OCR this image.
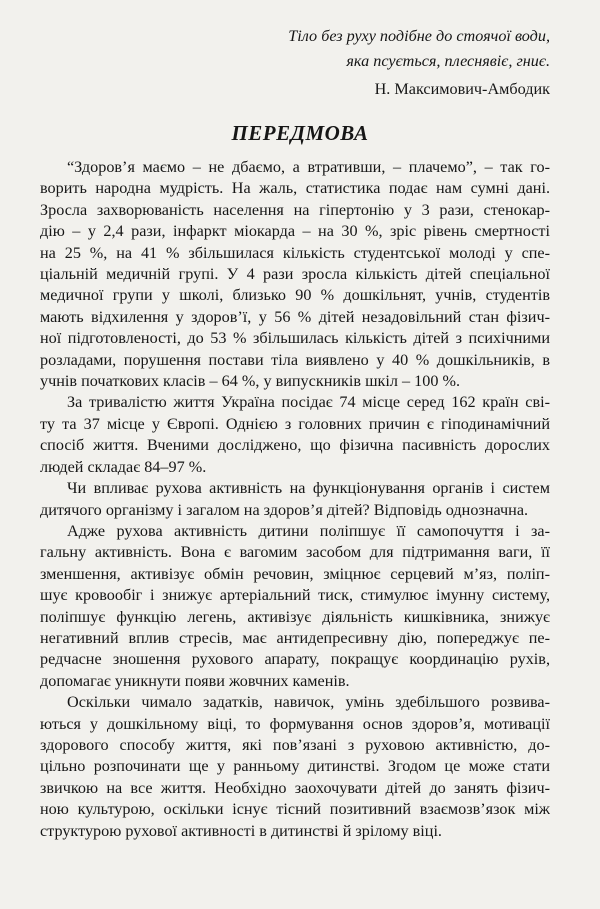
Тіло без руху подібне до стоячої води,
яка псується, плеснявіє, гниє.
Н. Максимович-Амбодик
ПЕРЕДМОВА
“Здоров’я маємо – не дбаємо, а втративши, – плачемо”, – так го-
ворить народна мудрість. На жаль, статистика подає нам сумні дані.
Зросла захворюваність населення на гіпертонію у 3 рази, стенокар-
дію – у 2,4 рази, інфаркт міокарда – на 30 %, зріс рівень смертності
на 25 %, на 41 % збільшилася кількість студентської молоді у спе-
ціальній медичній групі. У 4 рази зросла кількість дітей спеціальної
медичної групи у школі, близько 90 % дошкільнят, учнів, студентів
мають відхилення у здоров’ї, у 56 % дітей незадовільний стан фізич-
ної підготовленості, до 53 % збільшилась кількість дітей з психічними
розладами, порушення постави тіла виявлено у 40 % дошкільників, в
учнів початкових класів – 64 %, у випускників шкіл – 100 %.
За тривалістю життя Україна посідає 74 місце серед 162 країн сві-
ту та 37 місце у Європі. Однією з головних причин є гіподинамічний
спосіб життя. Вченими досліджено, що фізична пасивність дорослих
людей складає 84–97 %.
Чи впливає рухова активність на функціонування органів і систем
дитячого організму і загалом на здоров’я дітей? Відповідь однозначна.
Адже рухова активність дитини поліпшує її самопочуття і за-
гальну активність. Вона є вагомим засобом для підтримання ваги, її
зменшення, активізує обмін речовин, зміцнює серцевий м’яз, поліп-
шує кровообіг і знижує артеріальний тиск, стимулює імунну систему,
поліпшує функцію легень, активізує діяльність кишківника, знижує
негативний вплив стресів, має антидепресивну дію, попереджує пе-
редчасне зношення рухового апарату, покращує координацію рухів,
допомагає уникнути появи жовчних каменів.
Оскільки чимало задатків, навичок, умінь здебільшого розвива-
ються у дошкільному віці, то формування основ здоров’я, мотивації
здорового способу життя, які пов’язані з руховою активністю, до-
цільно розпочинати ще у ранньому дитинстві. Згодом це може стати
звичкою на все життя. Необхідно заохочувати дітей до занять фізич-
ною культурою, оскільки існує тісний позитивний взаємозв’язок між
структурою рухової активності в дитинстві й зрілому віці.
